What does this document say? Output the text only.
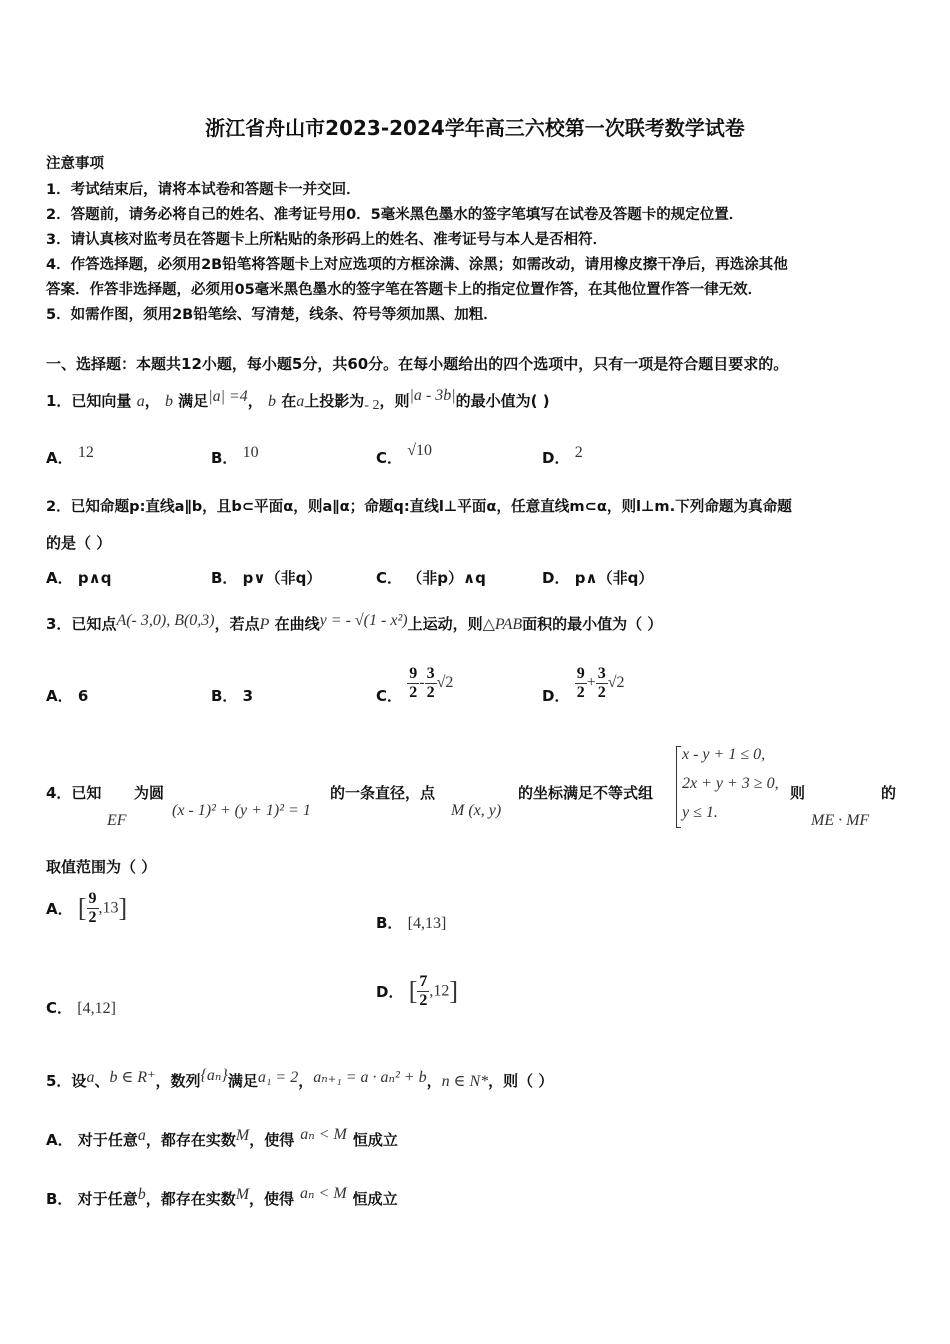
浙江省舟山市2023-2024学年高三六校第一次联考数学试卷
注意事项
1．考试结束后，请将本试卷和答题卡一并交回．
2．答题前，请务必将自己的姓名、准考证号用0．5毫米黑色墨水的签字笔填写在试卷及答题卡的规定位置．
3．请认真核对监考员在答题卡上所粘贴的条形码上的姓名、准考证号与本人是否相符．
4．作答选择题，必须用2B铅笔将答题卡上对应选项的方框涂满、涂黑；如需改动，请用橡皮擦干净后，再选涂其他
答案．作答非选择题，必须用05毫米黑色墨水的签字笔在答题卡上的指定位置作答，在其他位置作答一律无效．
5．如需作图，须用2B铅笔绘、写清楚，线条、符号等须加黑、加粗．
一、选择题：本题共12小题，每小题5分，共60分。在每小题给出的四个选项中，只有一项是符合题目要求的。
1．已知向量 a， b 满足|a| =4， b 在a上投影为- 2，则|a - 3b|的最小值为( )
A． 12	B． 10	C． √10	D． 2
2．已知命题p:直线a∥b，且b⊂平面α，则a∥α；命题q:直线l⊥平面α，任意直线m⊂α，则l⊥m.下列命题为真命题
的是（ ）
A． p∧q	B． p∨（非q）	C． （非p）∧q	D． p∧（非q）
3．已知点A(- 3,0), B(0,3)，若点P 在曲线y = - √(1 - x²)上运动，则△PAB面积的最小值为（ ）
A． 6	B． 3	C． $\frac{9}{2} - \frac{3}{2} √2$
D． $\frac{9}{2} + \frac{3}{2} √2$
4．已知
EF
为圆
(x - 1)² + (y + 1)² = 1
的一条直径，点
M (x, y)
的坐标满足不等式组
x - y + 1 ≤ 0,
2x + y + 3 ≥ 0,
y ≤ 1.
则
ME · MF
的
取值范围为（ ）
A． [ $\frac{9}{2} ,13$]
B． [4,13]
C． [4,12]
D． [ $\frac{7}{2} ,12$]
5．设a、b ∈ R⁺，数列{aₙ}满足a₁ = 2，aₙ₊₁ = a · aₙ² + b，n ∈ N*，则（ ）
A． 对于任意a，都存在实数M，使得 aₙ < M 恒成立
B． 对于任意b，都存在实数M，使得 aₙ < M 恒成立
